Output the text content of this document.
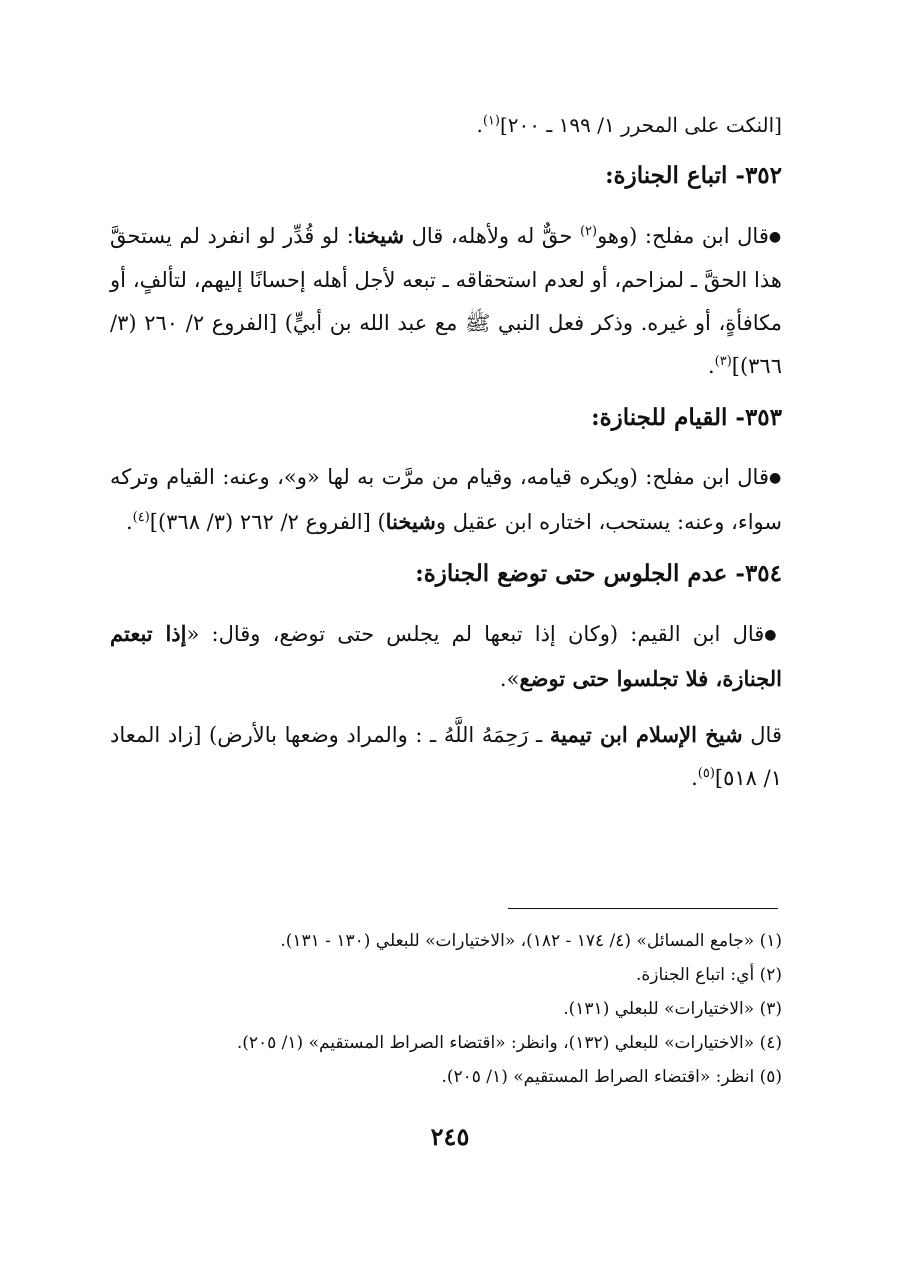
[النكت على المحرر ١/ ١٩٩ ـ ٢٠٠]$^{(١)}$.

٣٥٢- اتباع الجنازة:

●قال ابن مفلح: (وهو$^{(٢)}$ حقٌّ له ولأهله، قال شيخنا: لو قُدِّر لو انفرد لم يستحقَّ هذا الحقَّ ـ لمزاحم، أو لعدم استحقاقه ـ تبعه لأجل أهله إحسانًا إليهم، لتألفٍ، أو مكافأةٍ، أو غيره. وذكر فعل النبي ﷺ مع عبد الله بن أبيٍّ) [الفروع ٢/ ٢٦٠ (٣/ ٣٦٦)]$^{(٣)}$.

٣٥٣- القيام للجنازة:

●قال ابن مفلح: (ويكره قيامه، وقيام من مرَّت به لها «و»، وعنه: القيام وتركه سواء، وعنه: يستحب، اختاره ابن عقيل وشيخنا) [الفروع ٢/ ٢٦٢ (٣/ ٣٦٨)]$^{(٤)}$.

٣٥٤- عدم الجلوس حتى توضع الجنازة:

●قال ابن القيم: (وكان إذا تبعها لم يجلس حتى توضع، وقال: «إذا تبعتم الجنازة، فلا تجلسوا حتى توضع».

قال شيخ الإسلام ابن تيمية ـ رَحِمَهُ اللَّهُ ـ : والمراد وضعها بالأرض) [زاد المعاد ١/ ٥١٨]$^{(٥)}$.

(١) «جامع المسائل» (٤/ ١٧٤ - ١٨٢)، «الاختيارات» للبعلي (١٣٠ - ١٣١).
(٢) أي: اتباع الجنازة.
(٣) «الاختيارات» للبعلي (١٣١).
(٤) «الاختيارات» للبعلي (١٣٢)، وانظر: «اقتضاء الصراط المستقيم» (١/ ٢٠٥).
(٥) انظر: «اقتضاء الصراط المستقيم» (١/ ٢٠٥).
٢٤٥
